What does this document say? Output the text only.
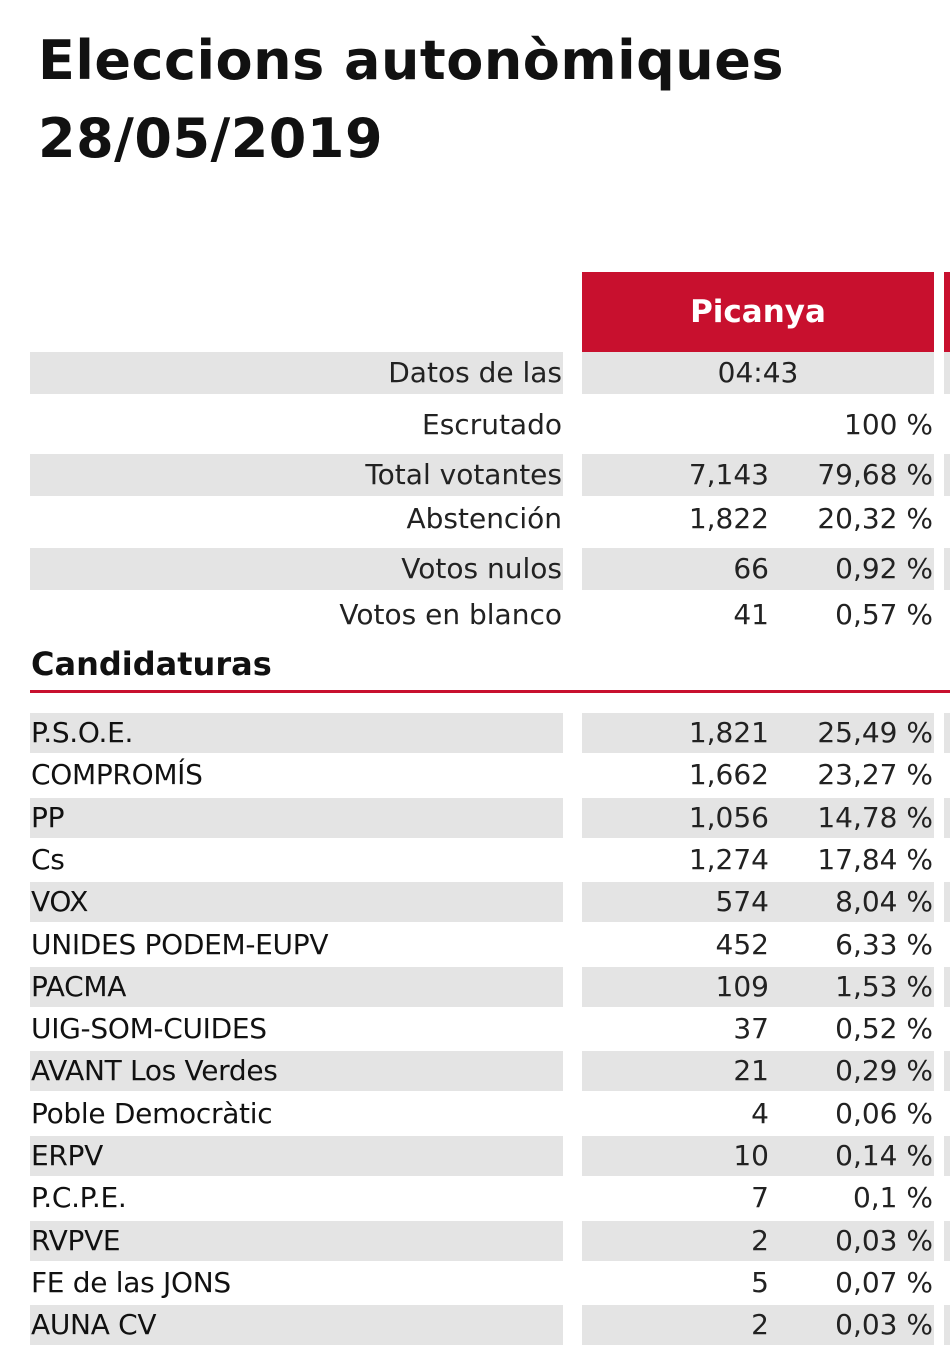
Eleccions autonòmiques
28/05/2019
Picanya
Datos de las	04:43
Escrutado	100 %
Total votantes	7,143 79,68 %
Abstención	1,822 20,32 %
Votos nulos	66 0,92 %
Votos en blanco	41 0,57 %
Candidaturas
P.S.O.E.	1,821 25,49 %
COMPROMÍS	1,662 23,27 %
PP	1,056 14,78 %
Cs	1,274 17,84 %
VOX	574 8,04 %
UNIDES PODEM-EUPV	452 6,33 %
PACMA	109 1,53 %
UIG-SOM-CUIDES	37 0,52 %
AVANT Los Verdes	21 0,29 %
Poble Democràtic	4 0,06 %
ERPV	10 0,14 %
P.C.P.E.	7	0,1 %
RVPVE	2 0,03 %
FE de las JONS	5 0,07 %
AUNA CV	2 0,03 %
